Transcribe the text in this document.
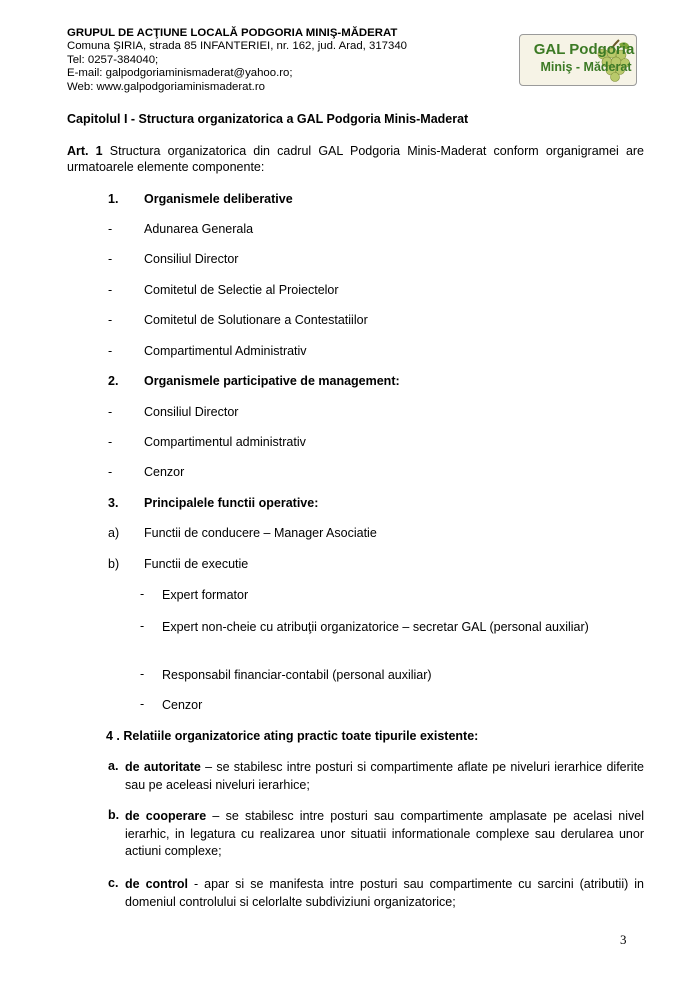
GRUPUL DE ACŢIUNE LOCALĂ PODGORIA MINIŞ-MĂDERAT
Comuna ŞIRIA, strada 85 INFANTERIEI, nr. 162, jud. Arad, 317340
Tel: 0257-384040;
E-mail: galpodgoriaminismaderat@yahoo.ro;
Web: www.galpodgoriaminismaderat.ro
GAL Podgoria
Miniş - Măderat
Capitolul I - Structura organizatorica a GAL Podgoria Minis-Maderat
Art. 1 Structura organizatorica din cadrul GAL Podgoria Minis-Maderat conform organigramei are urmatoarele elemente componente:
1. Organismele deliberative
-	Adunarea Generala
-	Consiliul Director
-	Comitetul de Selectie al Proiectelor
-	Comitetul de Solutionare a Contestatiilor
-	Compartimentul Administrativ
2. Organismele participative de management:
-	Consiliul Director
-	Compartimentul administrativ
-	Cenzor
3. Principalele functii operative:
a) Functii de conducere – Manager Asociatie
b) Functii de executie
- Expert formator
- Expert non-cheie cu atribuţii organizatorice – secretar GAL (personal auxiliar)
- Responsabil financiar-contabil (personal auxiliar)
- Cenzor
4 . Relatiile organizatorice ating practic toate tipurile existente:
a. de autoritate – se stabilesc intre posturi si compartimente aflate pe niveluri ierarhice diferite sau pe aceleasi niveluri ierarhice;
b. de cooperare – se stabilesc intre posturi sau compartimente amplasate pe acelasi nivel ierarhic, in legatura cu realizarea unor situatii informationale complexe sau derularea unor actiuni complexe;
c. de control - apar si se manifesta intre posturi sau compartimente cu sarcini (atributii) in domeniul controlului si celorlalte subdiviziuni organizatorice;
3
